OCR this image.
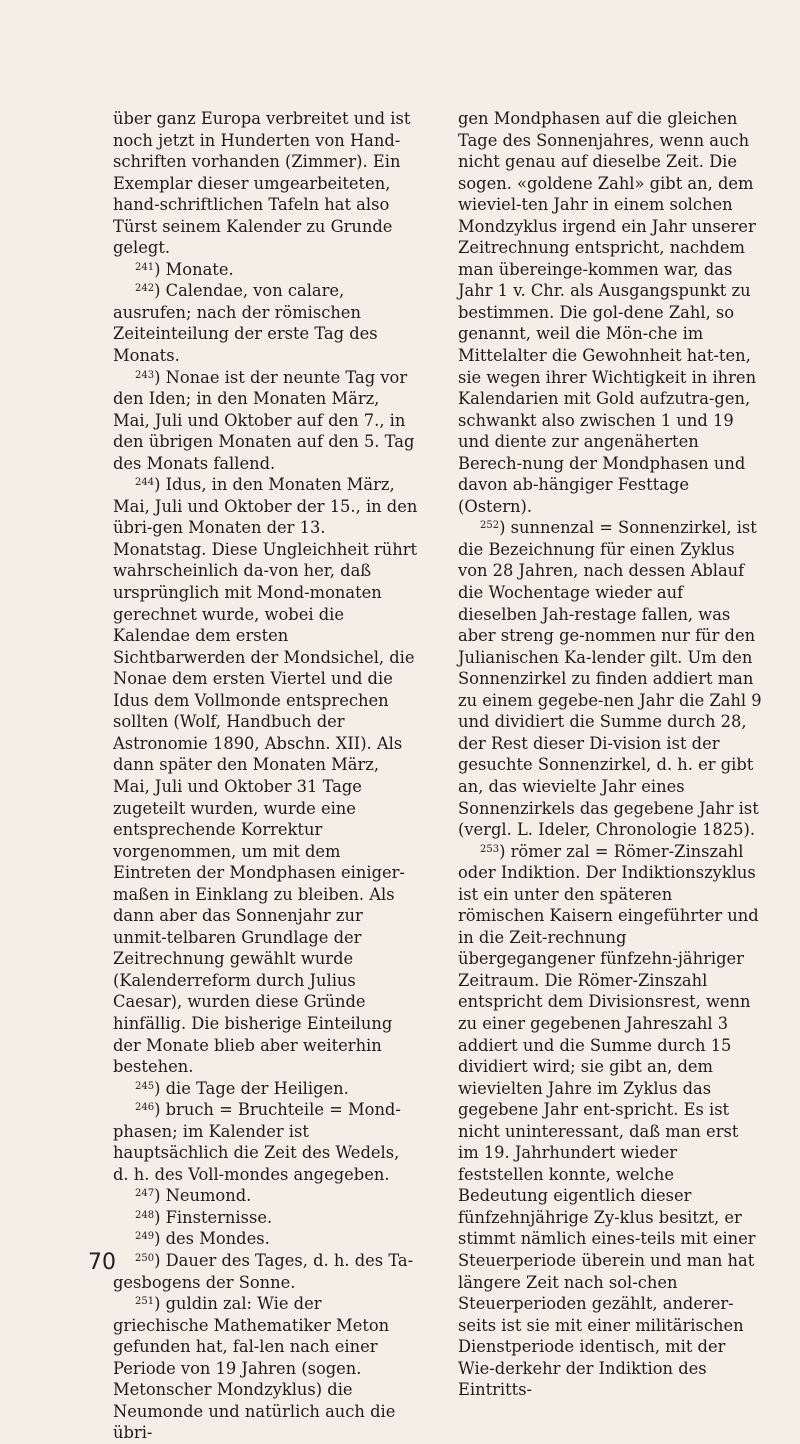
über ganz Europa verbreitet und ist noch jetzt in Hunderten von Hand-schriften vorhanden (Zimmer). Ein Exemplar dieser umgearbeiteten, hand-schriftlichen Tafeln hat also Türst seinem Kalender zu Grunde gelegt.

$^{241}$) Monate.

$^{242}$) Calendae, von calare, ausrufen; nach der römischen Zeiteinteilung der erste Tag des Monats.

$^{243}$) Nonae ist der neunte Tag vor den Iden; in den Monaten März, Mai, Juli und Oktober auf den 7., in den übrigen Monaten auf den 5. Tag des Monats fallend.

$^{244}$) Idus, in den Monaten März, Mai, Juli und Oktober der 15., in den übri-gen Monaten der 13. Monatstag. Diese Ungleichheit rührt wahrscheinlich da-von her, daß ursprünglich mit Mond-monaten gerechnet wurde, wobei die Kalendae dem ersten Sichtbarwerden der Mondsichel, die Nonae dem ersten Viertel und die Idus dem Vollmonde entsprechen sollten (Wolf, Handbuch der Astronomie 1890, Abschn. XII). Als dann später den Monaten März, Mai, Juli und Oktober 31 Tage zugeteilt wurden, wurde eine entsprechende Korrektur vorgenommen, um mit dem Eintreten der Mondphasen einiger-maßen in Einklang zu bleiben. Als dann aber das Sonnenjahr zur unmit-telbaren Grundlage der Zeitrechnung gewählt wurde (Kalenderreform durch Julius Caesar), wurden diese Gründe hinfällig. Die bisherige Einteilung der Monate blieb aber weiterhin bestehen.

$^{245}$) die Tage der Heiligen.

$^{246}$) bruch = Bruchteile = Mond-phasen; im Kalender ist hauptsächlich die Zeit des Wedels, d. h. des Voll-mondes angegeben.

$^{247}$) Neumond.

$^{248}$) Finsternisse.

$^{249}$) des Mondes.

$^{250}$) Dauer des Tages, d. h. des Ta-gesbogens der Sonne.

$^{251}$) guldin zal: Wie der griechische Mathematiker Meton gefunden hat, fal-len nach einer Periode von 19 Jahren (sogen. Metonscher Mondzyklus) die Neumonde und natürlich auch die übri-

gen Mondphasen auf die gleichen Tage des Sonnenjahres, wenn auch nicht genau auf dieselbe Zeit. Die sogen. «goldene Zahl» gibt an, dem wieviel-ten Jahr in einem solchen Mondzyklus irgend ein Jahr unserer Zeitrechnung entspricht, nachdem man übereinge-kommen war, das Jahr 1 v. Chr. als Ausgangspunkt zu bestimmen. Die gol-dene Zahl, so genannt, weil die Mön-che im Mittelalter die Gewohnheit hat-ten, sie wegen ihrer Wichtigkeit in ihren Kalendarien mit Gold aufzutra-gen, schwankt also zwischen 1 und 19 und diente zur angenäherten Berech-nung der Mondphasen und davon ab-hängiger Festtage (Ostern).

$^{252}$) sunnenzal = Sonnenzirkel, ist die Bezeichnung für einen Zyklus von 28 Jahren, nach dessen Ablauf die Wochentage wieder auf dieselben Jah-restage fallen, was aber streng ge-nommen nur für den Julianischen Ka-lender gilt. Um den Sonnenzirkel zu finden addiert man zu einem gegebe-nen Jahr die Zahl 9 und dividiert die Summe durch 28, der Rest dieser Di-vision ist der gesuchte Sonnenzirkel, d. h. er gibt an, das wievielte Jahr eines Sonnenzirkels das gegebene Jahr ist (vergl. L. Ideler, Chronologie 1825).

$^{253}$) römer zal = Römer-Zinszahl oder Indiktion. Der Indiktionszyklus ist ein unter den späteren römischen Kaisern eingeführter und in die Zeit-rechnung übergegangener fünfzehn-jähriger Zeitraum. Die Römer-Zinszahl entspricht dem Divisionsrest, wenn zu einer gegebenen Jahreszahl 3 addiert und die Summe durch 15 dividiert wird; sie gibt an, dem wievielten Jahre im Zyklus das gegebene Jahr ent-spricht. Es ist nicht uninteressant, daß man erst im 19. Jahrhundert wieder feststellen konnte, welche Bedeutung eigentlich dieser fünfzehnjährige Zy-klus besitzt, er stimmt nämlich eines-teils mit einer Steuerperiode überein und man hat längere Zeit nach sol-chen Steuerperioden gezählt, anderer-seits ist sie mit einer militärischen Dienstperiode identisch, mit der Wie-derkehr der Indiktion des Eintritts-

70
